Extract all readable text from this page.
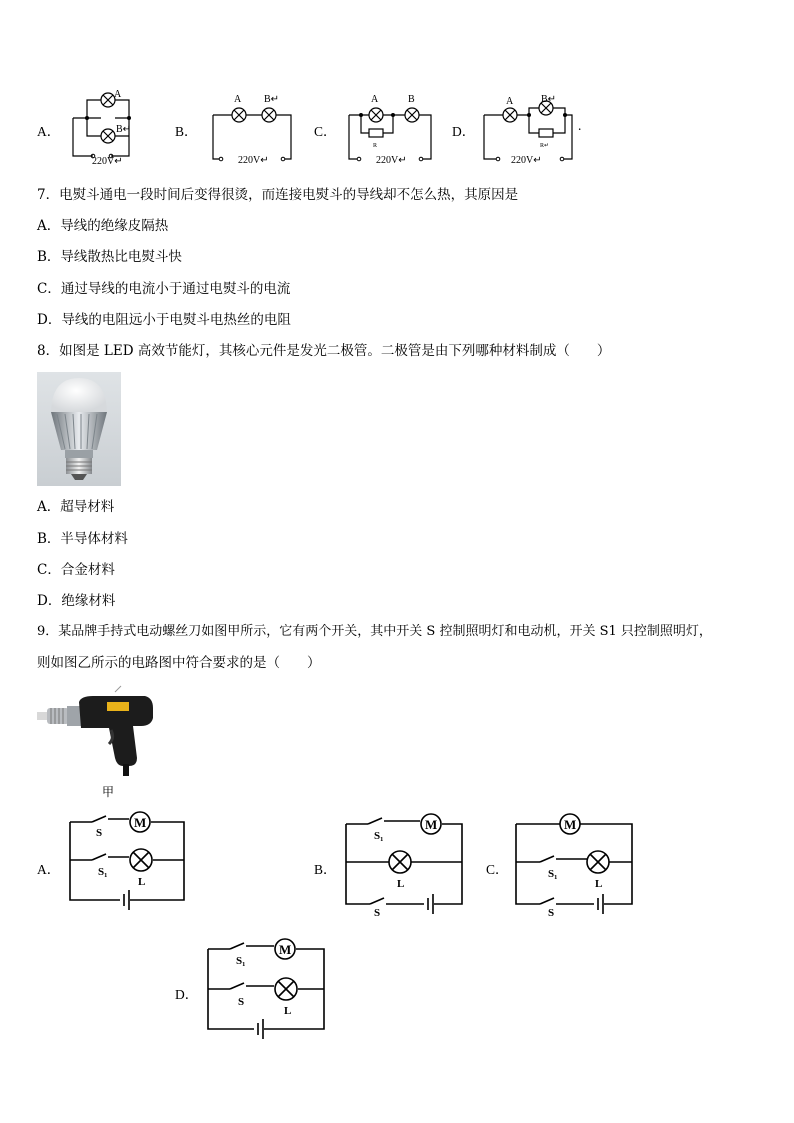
A．
A
B↵
220V↵
B．
A B↵
220V↵
C．
A	B
R
220V↵
D．
A	B↵
R↵
220V↵
.
7．电熨斗通电一段时间后变得很烫，而连接电熨斗的导线却不怎么热，其原因是
A．导线的绝缘皮隔热
B．导线散热比电熨斗快
C．通过导线的电流小于通过电熨斗的电流
D．导线的电阻远小于电熨斗电热丝的电阻
8．如图是 LED 高效节能灯，其核心元件是发光二极管。二极管是由下列哪种材料制成（　　）
A．超导材料
B．半导体材料
C．合金材料
D．绝缘材料
9．某品牌手持式电动螺丝刀如图甲所示，它有两个开关，其中开关 S 控制照明灯和电动机，开关 S1 只控制照明灯，
则如图乙所示的电路图中符合要求的是（　　）
甲
A．
M
S
S₁
L
B．
M
S₁
L
S
C．
M
S₁
L
S
D．
M
S₁
S
L
